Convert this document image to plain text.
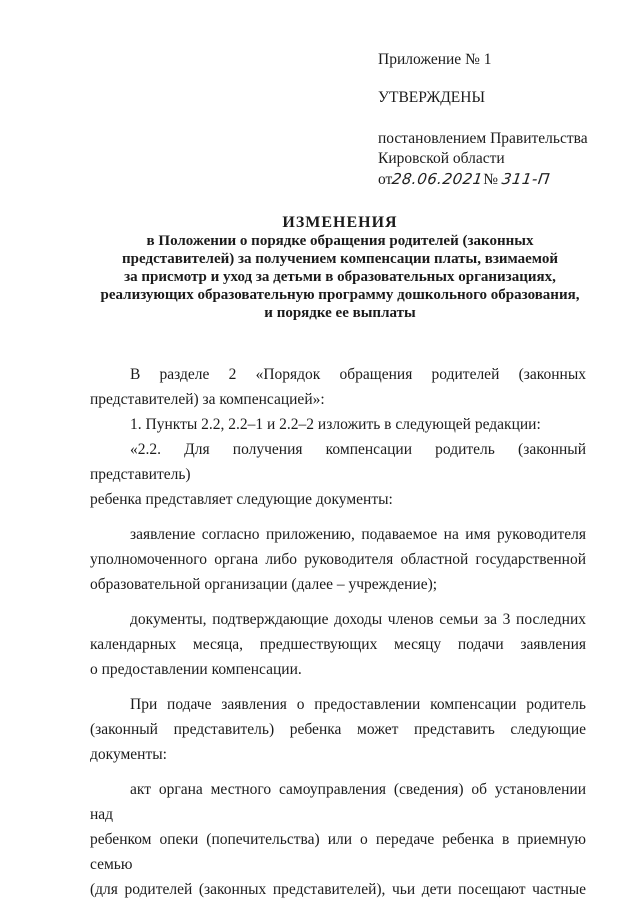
Приложение № 1
УТВЕРЖДЕНЫ
постановлением Правительства
Кировской области
от28.06.2021№ 311-П
ИЗМЕНЕНИЯ
в Положении о порядке обращения родителей (законных
представителей) за получением компенсации платы, взимаемой
за присмотр и уход за детьми в образовательных организациях,
реализующих образовательную программу дошкольного образования,
и порядке ее выплаты
В разделе 2 «Порядок обращения родителей (законных
представителей) за компенсацией»:
1. Пункты 2.2, 2.2–1 и 2.2–2 изложить в следующей редакции:
«2.2. Для получения компенсации родитель (законный представитель)
ребенка представляет следующие документы:
заявление согласно приложению, подаваемое на имя руководителя
уполномоченного органа либо руководителя областной государственной
образовательной организации (далее – учреждение);
документы, подтверждающие доходы членов семьи за 3 последних
календарных месяца, предшествующих месяцу подачи заявления
о предоставлении компенсации.
При подаче заявления о предоставлении компенсации родитель
(законный представитель) ребенка может представить следующие
документы:
акт органа местного самоуправления (сведения) об установлении над
ребенком опеки (попечительства) или о передаче ребенка в приемную семью
(для родителей (законных представителей), чьи дети посещают частные
